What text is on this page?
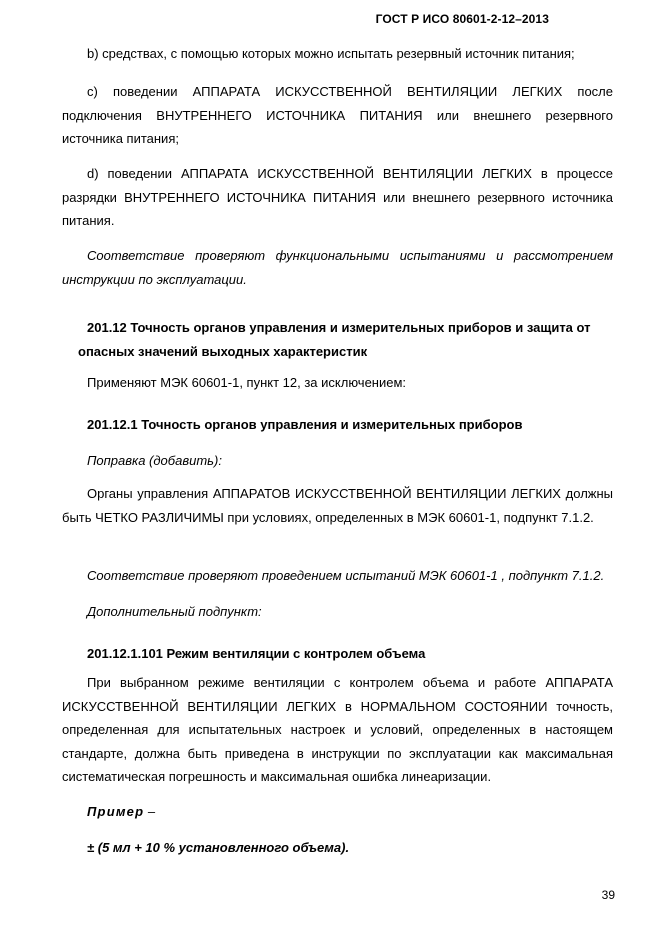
ГОСТ Р ИСО 80601-2-12–2013
b) средствах, с помощью которых можно испытать резервный источник питания;
c) поведении АППАРАТА ИСКУССТВЕННОЙ ВЕНТИЛЯЦИИ ЛЕГКИХ после подключения ВНУТРЕННЕГО ИСТОЧНИКА ПИТАНИЯ или внешнего резервного источника питания;
d) поведении АППАРАТА ИСКУССТВЕННОЙ ВЕНТИЛЯЦИИ ЛЕГКИХ в процессе разрядки ВНУТРЕННЕГО ИСТОЧНИКА ПИТАНИЯ или внешнего резервного источника питания.
Соответствие проверяют функциональными испытаниями и рассмотрением инструкции по эксплуатации.
201.12 Точность органов управления и измерительных приборов и защита от
опасных значений выходных характеристик
Применяют МЭК 60601-1, пункт 12, за исключением:
201.12.1 Точность органов управления и измерительных приборов
Поправка (добавить):
Органы управления АППАРАТОВ ИСКУССТВЕННОЙ ВЕНТИЛЯЦИИ ЛЕГКИХ должны быть ЧЕТКО РАЗЛИЧИМЫ при условиях, определенных в МЭК 60601-1, подпункт 7.1.2.
Соответствие проверяют проведением испытаний МЭК 60601-1 , подпункт 7.1.2.
Дополнительный подпункт:
201.12.1.101 Режим вентиляции с контролем объема
При выбранном режиме вентиляции с контролем объема и работе АППАРАТА ИСКУССТВЕННОЙ ВЕНТИЛЯЦИИ ЛЕГКИХ в НОРМАЛЬНОМ СОСТОЯНИИ точность, определенная для испытательных настроек и условий, определенных в настоящем стандарте, должна быть приведена в инструкции по эксплуатации как максимальная систематическая погрешность и максимальная ошибка линеаризации.
Пример –
± (5 мл + 10 % установленного объема).
39
